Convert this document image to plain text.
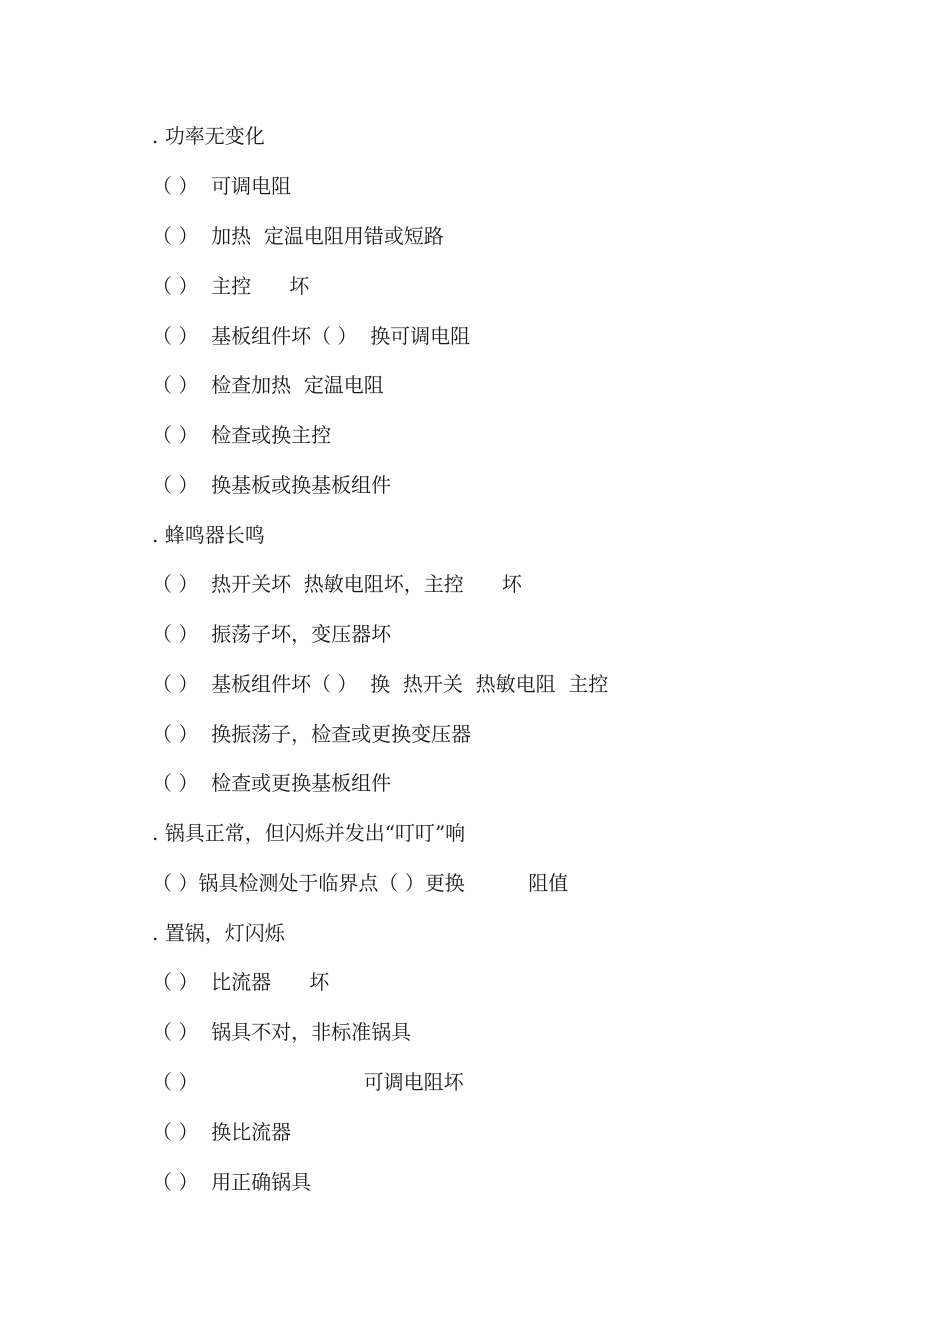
. 功率无变化
（ ）  可调电阻
（ ）  加热  定温电阻用错或短路
（ ）  主控      坏
（ ）  基板组件坏（ ）  换可调电阻
（ ）  检查加热  定温电阻
（ ）  检查或换主控
（ ）  换基板或换基板组件
. 蜂鸣器长鸣
（ ）  热开关坏  热敏电阻坏，主控      坏
（ ）  振荡子坏，变压器坏
（ ）  基板组件坏（ ）  换  热开关  热敏电阻  主控
（ ）  换振荡子，检查或更换变压器
（ ）  检查或更换基板组件
. 锅具正常，但闪烁并发出“叮叮”响
（ ）锅具检测处于临界点（ ）更换          阻值
. 置锅，灯闪烁
（ ）  比流器      坏
（ ）  锅具不对，非标准锅具
（ ）                          可调电阻坏
（ ）  换比流器
（ ）  用正确锅具
